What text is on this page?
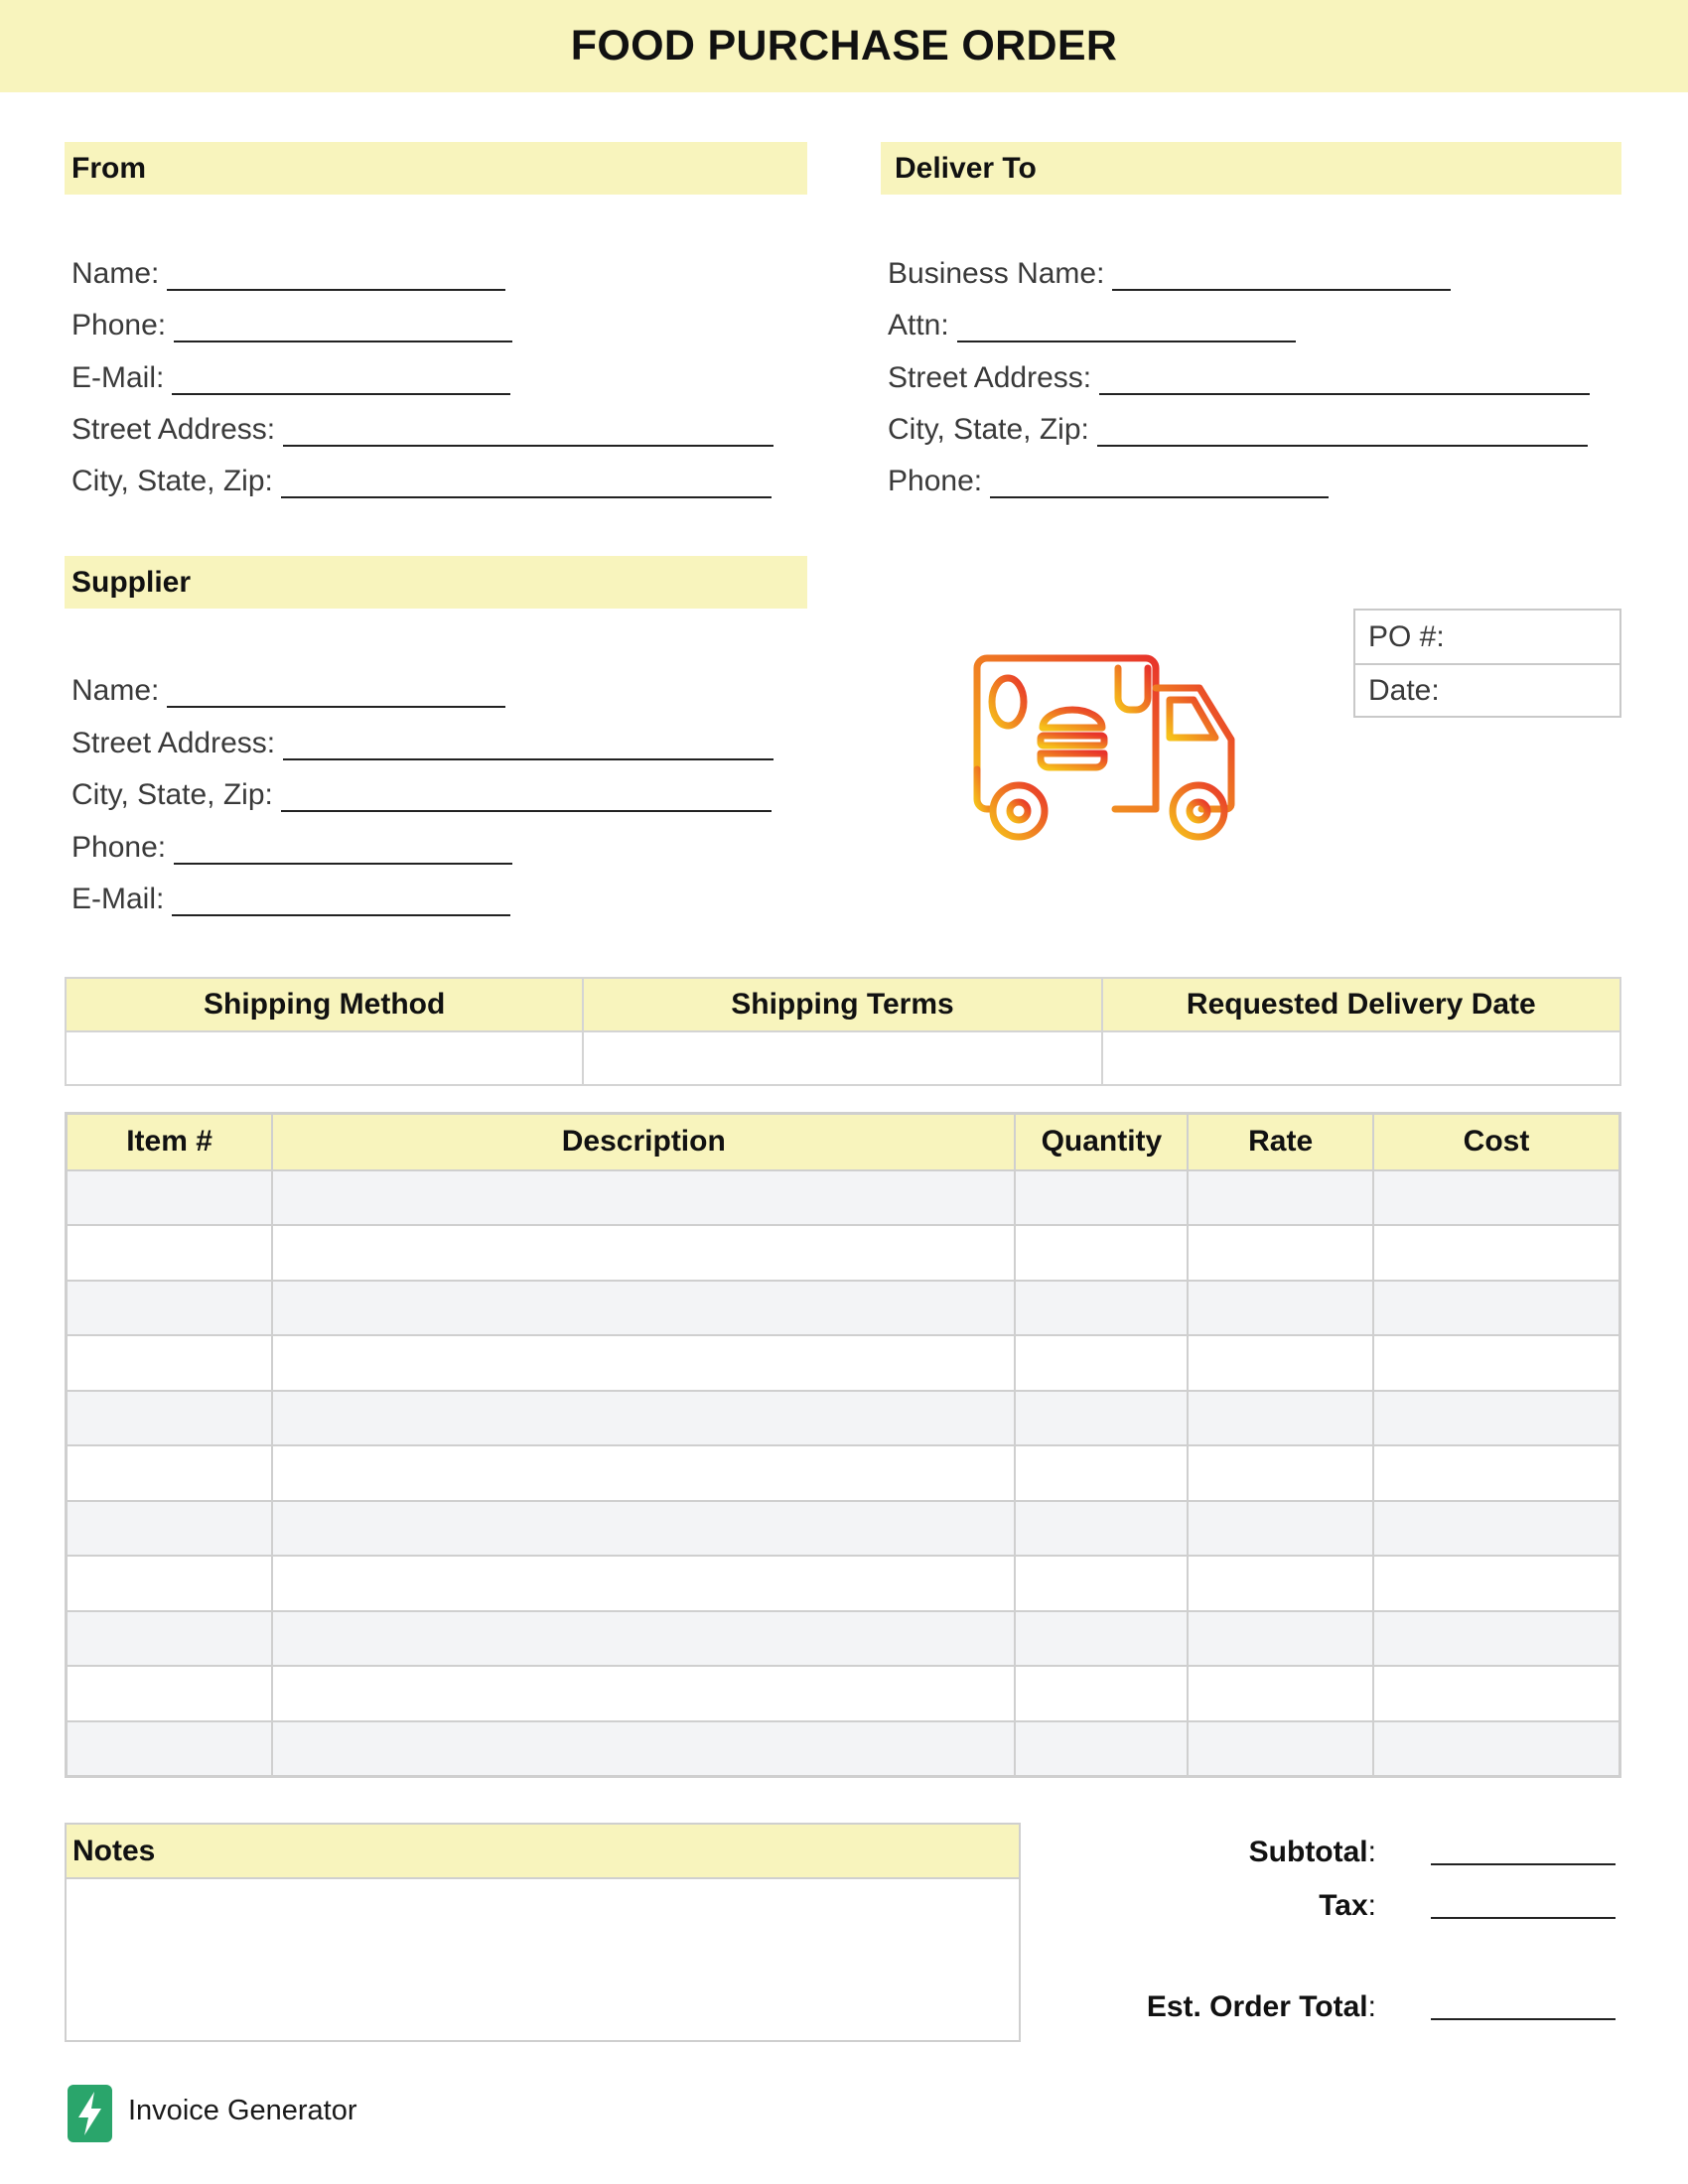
FOOD PURCHASE ORDER
From
Name:
Phone:
E-Mail:
Street Address:
City, State, Zip:
Deliver To
Business Name:
Attn:
Street Address:
City, State, Zip:
Phone:
Supplier
Name:
Street Address:
City, State, Zip:
Phone:
E-Mail:
PO #:
Date:
Shipping Method	Shipping Terms	Requested Delivery Date

Item #	Description	Quantity	Rate	Cost

Notes	Subtotal :
Tax :
Est. Order Total :
Invoice Generator
